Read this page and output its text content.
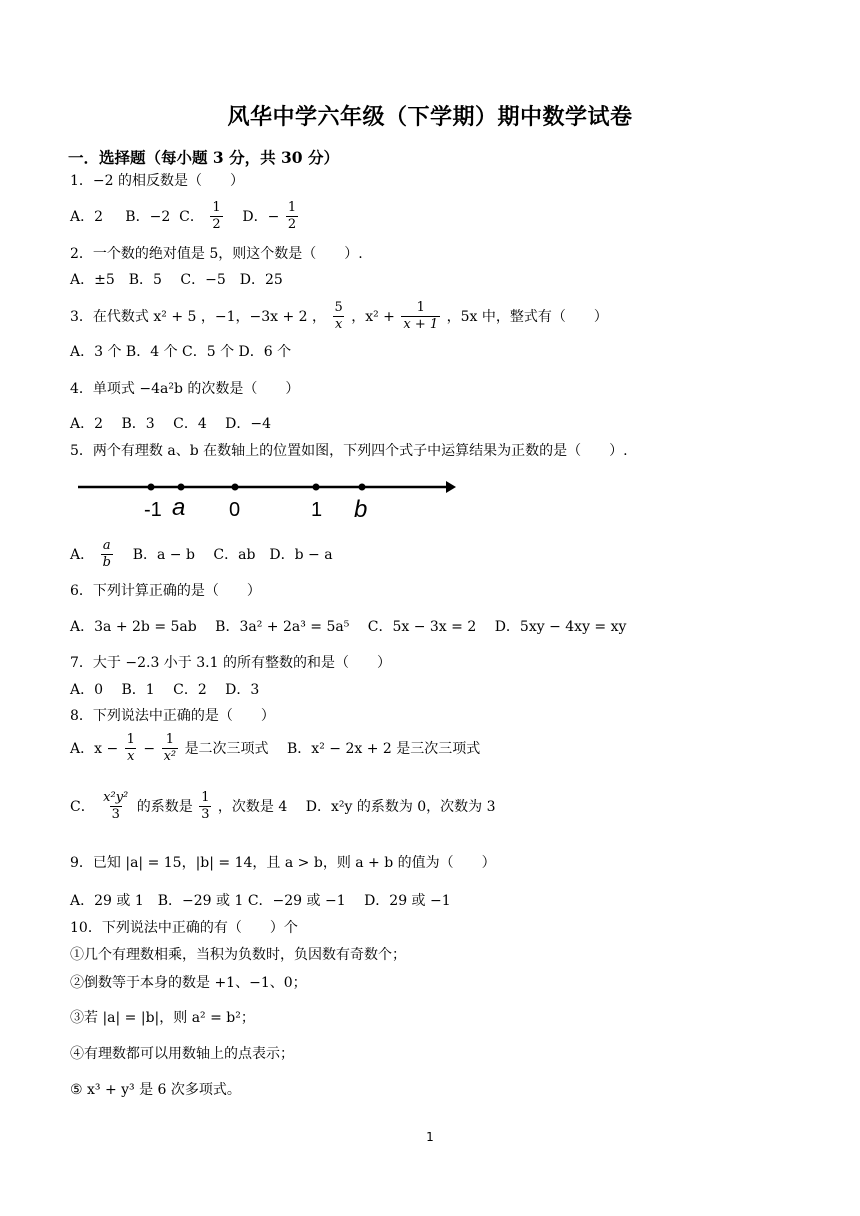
风华中学六年级（下学期）期中数学试卷
一．选择题（每小题 3 分，共 30 分）
1．−2 的相反数是（　　）
A．2 B．−2 C． $\frac{1}{2}$ D．− $\frac{1}{2}$
2．一个数的绝对值是 5，则这个数是（　　）.
A．±5　B．5　 C．−5　D．25
3．在代数式 x² + 5 ，−1，−3x + 2 ， $\frac{5}{x}$ ，$x^2 + \frac{1}{x + 1}$ ，5x 中，整式有（　　）
A．3 个 B．4 个 C．5 个 D．6 个
4．单项式 −4a²b 的次数是（　　）
A．2　 B．3　 C．4　 D．−4
5．两个有理数 a、b 在数轴上的位置如图，下列四个式子中运算结果为正数的是（　　）.
-1 a 0	1 b
A． $\frac{a}{b}$ B．a − b　 C．ab　D．b − a
6．下列计算正确的是（　　）
A．3a + 2b = 5ab　 B．3a² + 2a³ = 5a⁵　 C．5x − 3x = 2　 D．5xy − 4xy = xy
7．大于 −2.3 小于 3.1 的所有整数的和是（　　）
A．0　 B．1　 C．2　 D．3
8．下列说法中正确的是（　　）
A．$x - \frac{1}{x} - \frac{1}{\text{x²}}$ 是二次三项式　 B．x² − 2x + 2 是三次三项式
C． $\frac{\text{x²y²}}{3}$ 的系数是 $\frac{1}{3}$ ，次数是 4　 D．x²y 的系数为 0，次数为 3
9．已知 |a| = 15，|b| = 14，且 a > b，则 a + b 的值为（　　）
A．29 或 1　B．−29 或 1 C．−29 或 −1　 D．29 或 −1
10．下列说法中正确的有（　　）个
①几个有理数相乘，当积为负数时，负因数有奇数个；
②倒数等于本身的数是 +1、−1、0；
③若 |a| = |b|，则 a² = b²；
④有理数都可以用数轴上的点表示；
⑤ x³ + y³ 是 6 次多项式。
1
